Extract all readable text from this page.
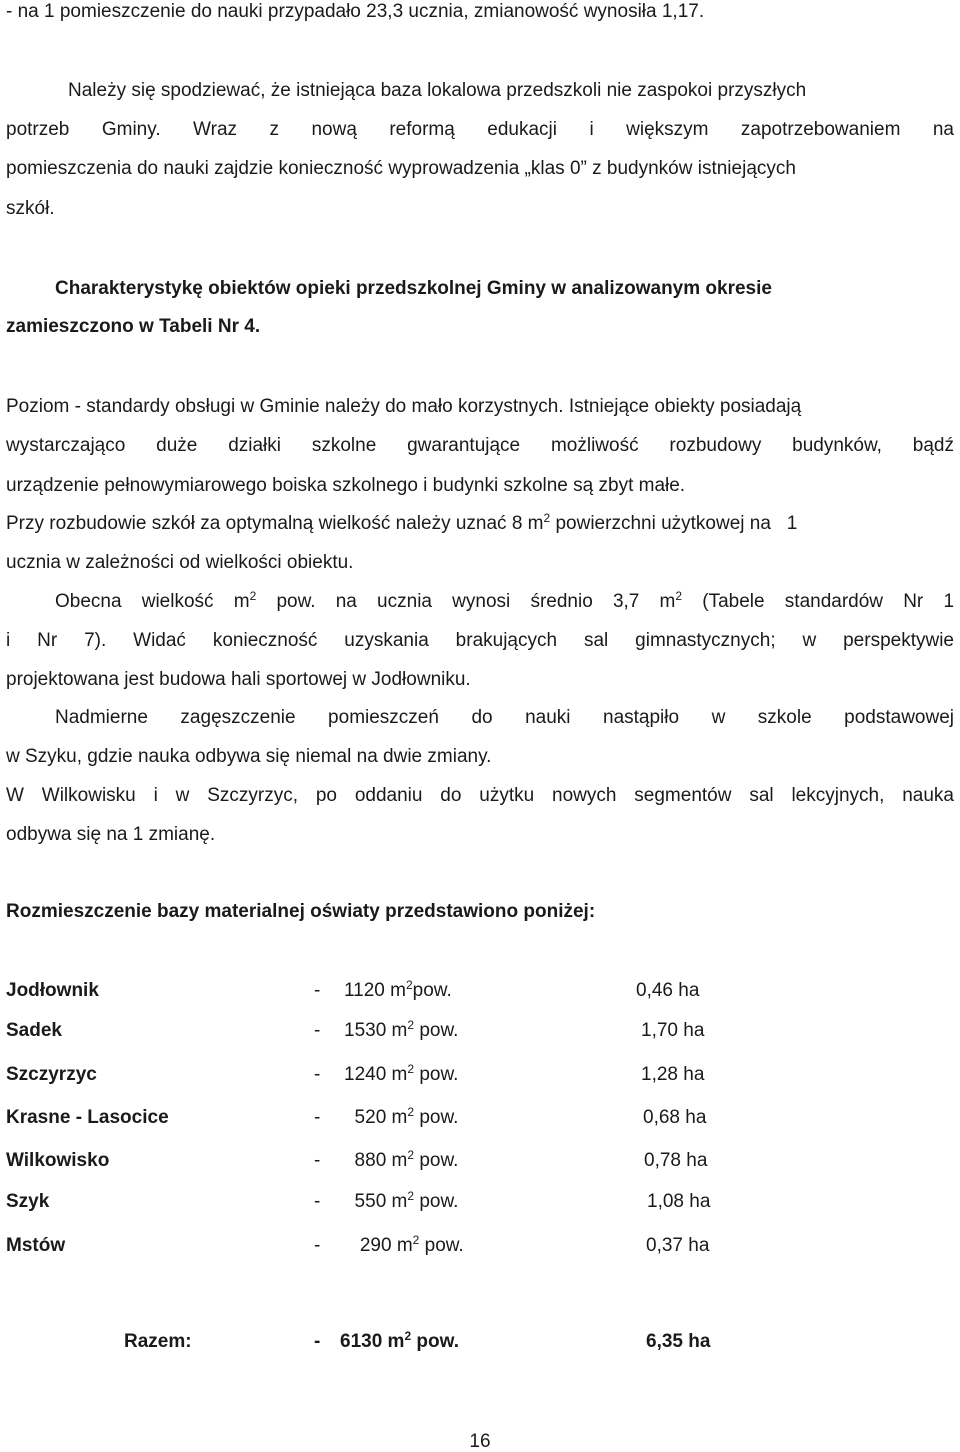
- na 1 pomieszczenie do nauki przypadało 23,3 ucznia, zmianowość wynosiła 1,17.
Należy się spodziewać, że istniejąca baza lokalowa przedszkoli nie zaspokoi przyszłych
potrzeb Gminy. Wraz z nową reformą edukacji i większym zapotrzebowaniem na
pomieszczenia do nauki zajdzie konieczność wyprowadzenia „klas 0” z budynków istniejących
szkół.
Charakterystykę obiektów opieki przedszkolnej Gminy w analizowanym okresie
zamieszczono w Tabeli Nr 4.
Poziom - standardy obsługi w Gminie należy do mało korzystnych. Istniejące obiekty posiadają
wystarczająco duże działki szkolne gwarantujące możliwość rozbudowy budynków, bądź
urządzenie pełnowymiarowego boiska szkolnego i budynki szkolne są zbyt małe.
Przy rozbudowie szkół za optymalną wielkość należy uznać 8 $m^2$ powierzchni użytkowej na   1
ucznia w zależności od wielkości obiektu.
Obecna wielkość $m^2$ pow. na ucznia wynosi średnio 3,7 $m^2$ (Tabele standardów Nr 1
i Nr 7). Widać konieczność uzyskania brakujących sal gimnastycznych; w perspektywie
projektowana jest budowa hali sportowej w Jodłowniku.
Nadmierne zagęszczenie pomieszczeń do nauki nastąpiło w szkole podstawowej
w Szyku, gdzie nauka odbywa się niemal na dwie zmiany.
W Wilkowisku i w Szczyrzyc, po oddaniu do użytku nowych segmentów sal lekcyjnych, nauka
odbywa się na 1 zmianę.
Rozmieszczenie bazy materialnej oświaty przedstawiono poniżej:
Jodłownik	- 1120 $m^2pow$.	0,46 ha
Sadek	- 1530 $m^2$ pow.	1,70 ha
Szczyrzyc	- 1240 $m^2$ pow.	1,28 ha
Krasne - Lasocice	- 520 $m^2$ pow.	0,68 ha
Wilkowisko	- 880 $m^2$ pow.	0,78 ha
Szyk	- 550 $m^2$ pow.	1,08 ha
Mstów	- 290 $m^2$ pow.	0,37 ha
Razem:	- 6130 $m^2$ pow.	6,35 ha
16
